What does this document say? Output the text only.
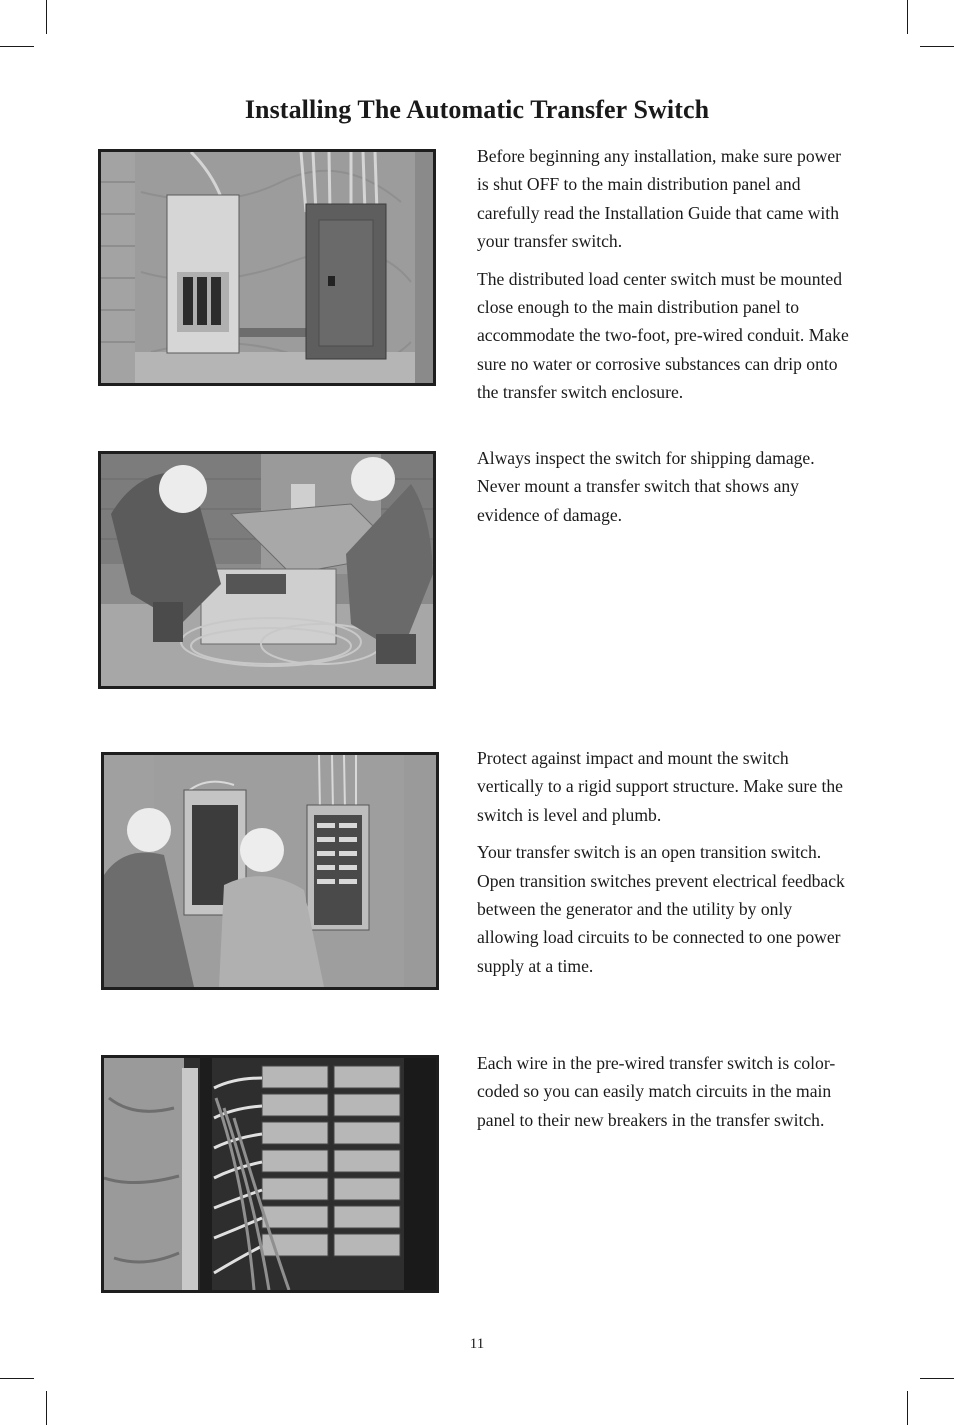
Installing The Automatic Transfer Switch

Before beginning any installation, make sure power is shut OFF to the main distribution panel and carefully read the Installation Guide that came with your transfer switch.

The distributed load center switch must be mounted close enough to the main distribution panel to accommodate the two-foot, pre-wired conduit. Make sure no water or corrosive substances can drip onto the transfer switch enclosure.

Always inspect the switch for shipping damage. Never mount a transfer switch that shows any evidence of damage.

Protect against impact and mount the switch vertically to a rigid support structure. Make sure the switch is level and plumb.

Your transfer switch is an open transition switch. Open transition switches prevent electrical feedback between the generator and the utility by only allowing load circuits to be connected to one power supply at a time.

Each wire in the pre-wired transfer switch is color-coded so you can easily match circuits in the main panel to their new breakers in the transfer switch.

11
